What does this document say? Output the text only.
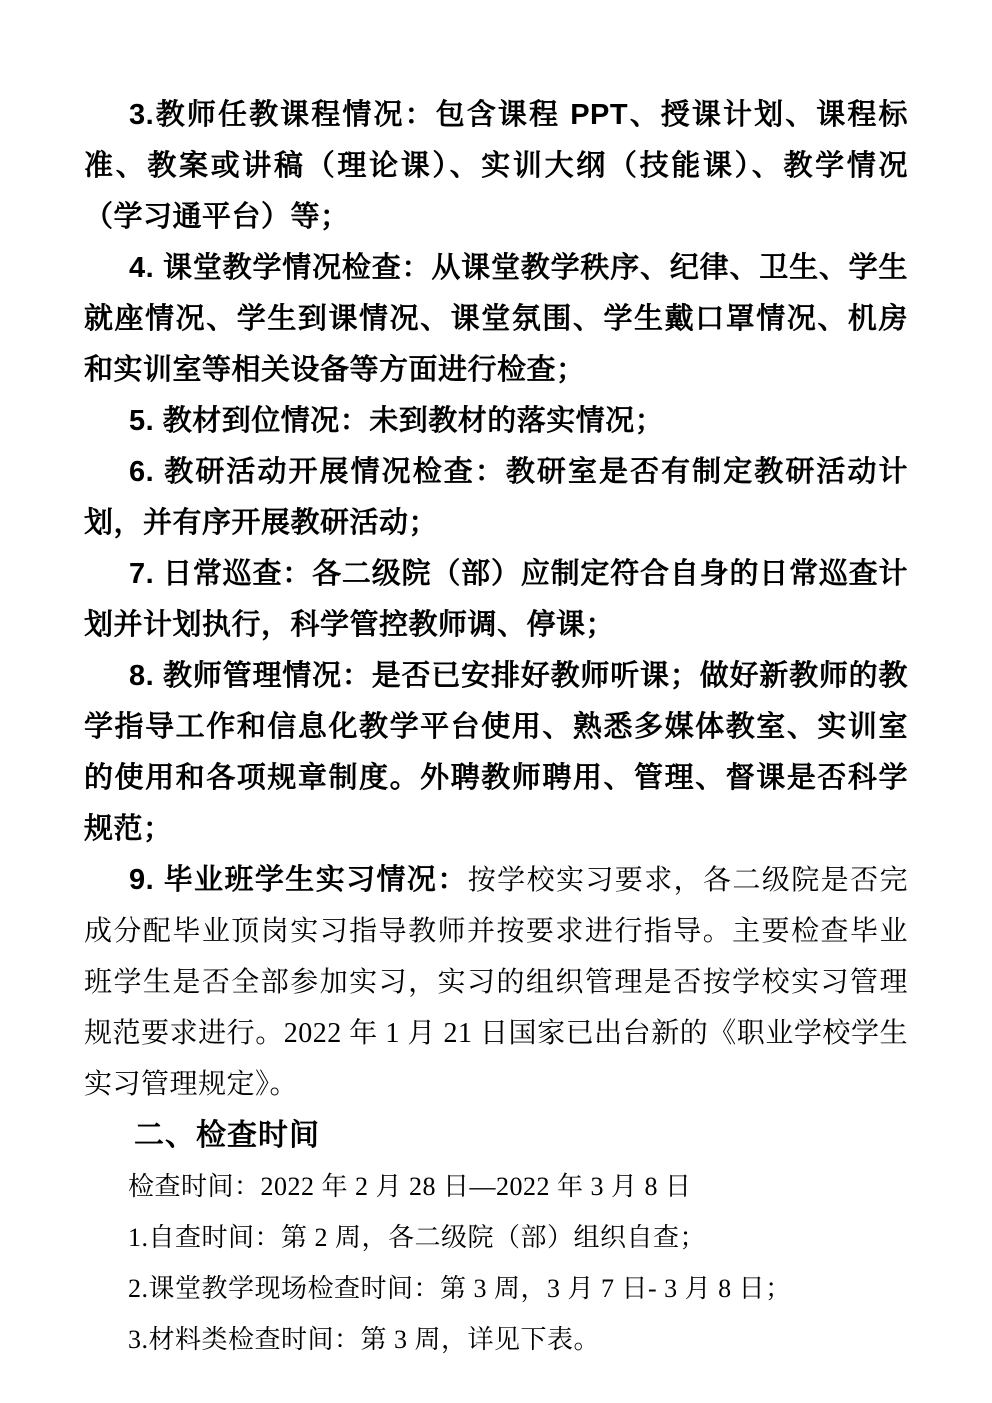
3.教师任教课程情况：包含课程 PPT、授课计划、课程标准、教案或讲稿（理论课）、实训大纲（技能课）、教学情况（学习通平台）等；

4. 课堂教学情况检查：从课堂教学秩序、纪律、卫生、学生就座情况、学生到课情况、课堂氛围、学生戴口罩情况、机房和实训室等相关设备等方面进行检查；

5. 教材到位情况：未到教材的落实情况；

6. 教研活动开展情况检查：教研室是否有制定教研活动计划，并有序开展教研活动；

7. 日常巡查：各二级院（部）应制定符合自身的日常巡查计划并计划执行，科学管控教师调、停课；

8. 教师管理情况：是否已安排好教师听课；做好新教师的教学指导工作和信息化教学平台使用、熟悉多媒体教室、实训室的使用和各项规章制度。外聘教师聘用、管理、督课是否科学规范；

9. 毕业班学生实习情况：按学校实习要求，各二级院是否完成分配毕业顶岗实习指导教师并按要求进行指导。主要检查毕业班学生是否全部参加实习，实习的组织管理是否按学校实习管理规范要求进行。2022 年 1 月 21 日国家已出台新的《职业学校学生实习管理规定》。

二、检查时间

检查时间：2022 年 2 月 28 日—2022 年 3 月 8 日

1.自查时间：第 2 周，各二级院（部）组织自查；

2.课堂教学现场检查时间：第 3 周，3 月 7 日- 3 月 8 日；

3.材料类检查时间：第 3 周，详见下表。
